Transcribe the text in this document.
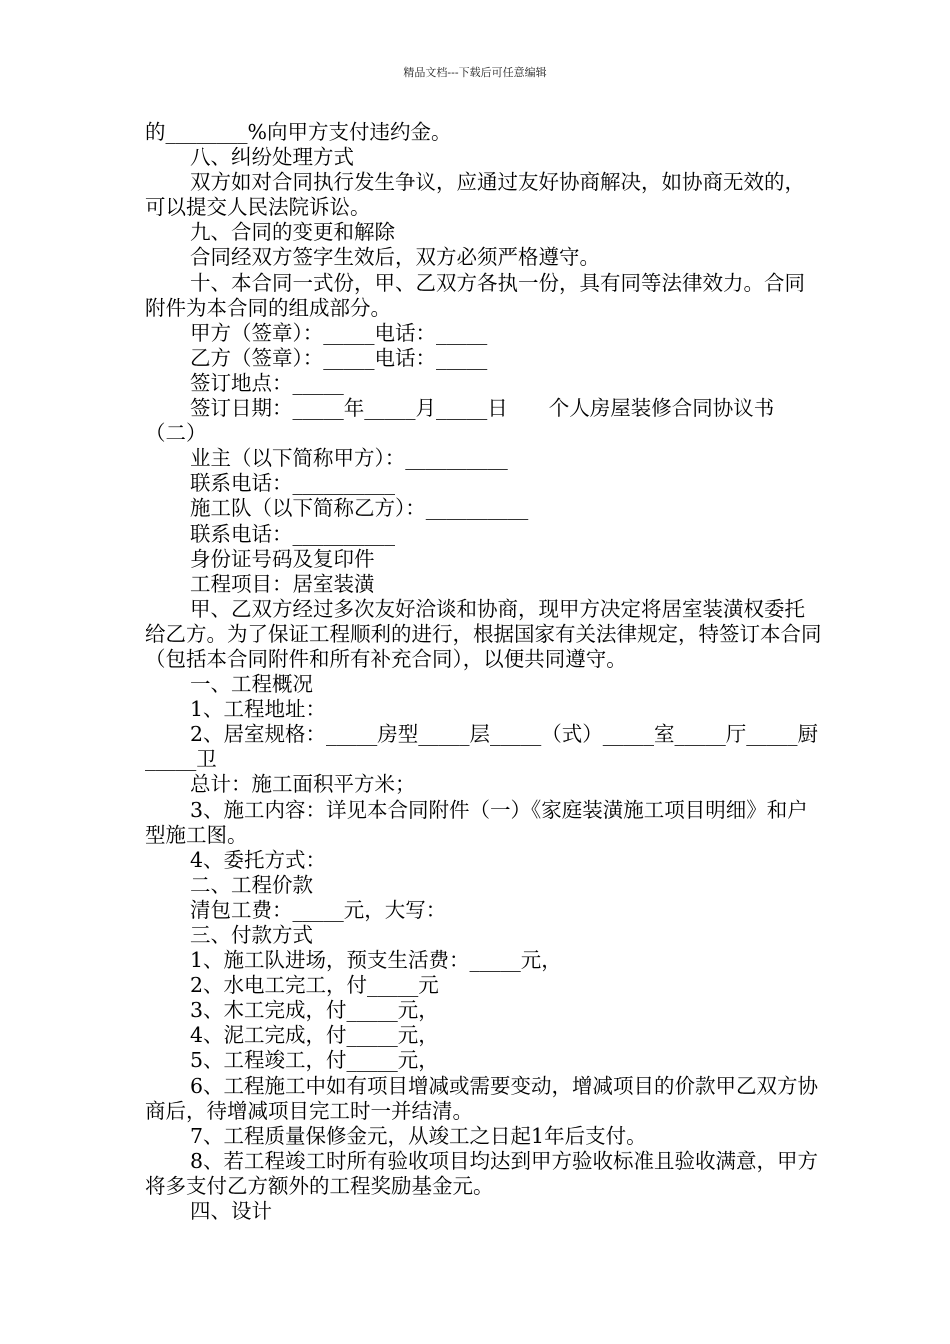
精品文档---下载后可任意编辑

的________%向甲方支付违约金。

八、纠纷处理方式

双方如对合同执行发生争议，应通过友好协商解决，如协商无效的，可以提交人民法院诉讼。

九、合同的变更和解除

合同经双方签字生效后，双方必须严格遵守。

十、本合同一式份，甲、乙双方各执一份，具有同等法律效力。合同附件为本合同的组成部分。

甲方（签章）：_____电话：_____

乙方（签章）：_____电话：_____

签订地点：_____

签订日期：_____年_____月_____日　　个人房屋装修合同协议书（二）

业主（以下简称甲方）：__________

联系电话：__________

施工队（以下简称乙方）：__________

联系电话：__________

身份证号码及复印件

工程项目：居室装潢

甲、乙双方经过多次友好洽谈和协商，现甲方决定将居室装潢权委托给乙方。为了保证工程顺利的进行，根据国家有关法律规定，特签订本合同（包括本合同附件和所有补充合同），以便共同遵守。

一、工程概况

1、工程地址：

2、居室规格：_____房型_____层_____（式）_____室_____厅_____厨_____卫

总计：施工面积平方米；

3、施工内容：详见本合同附件（一）《家庭装潢施工项目明细》和户型施工图。

4、委托方式：

二、工程价款

清包工费：_____元，大写：

三、付款方式

1、施工队进场，预支生活费：_____元，

2、水电工完工，付_____元

3、木工完成，付_____元，

4、泥工完成，付_____元，

5、工程竣工，付_____元，

6、工程施工中如有项目增减或需要变动，增减项目的价款甲乙双方协商后，待增减项目完工时一并结清。

7、工程质量保修金元，从竣工之日起1年后支付。

8、若工程竣工时所有验收项目均达到甲方验收标准且验收满意，甲方将多支付乙方额外的工程奖励基金元。

四、设计
